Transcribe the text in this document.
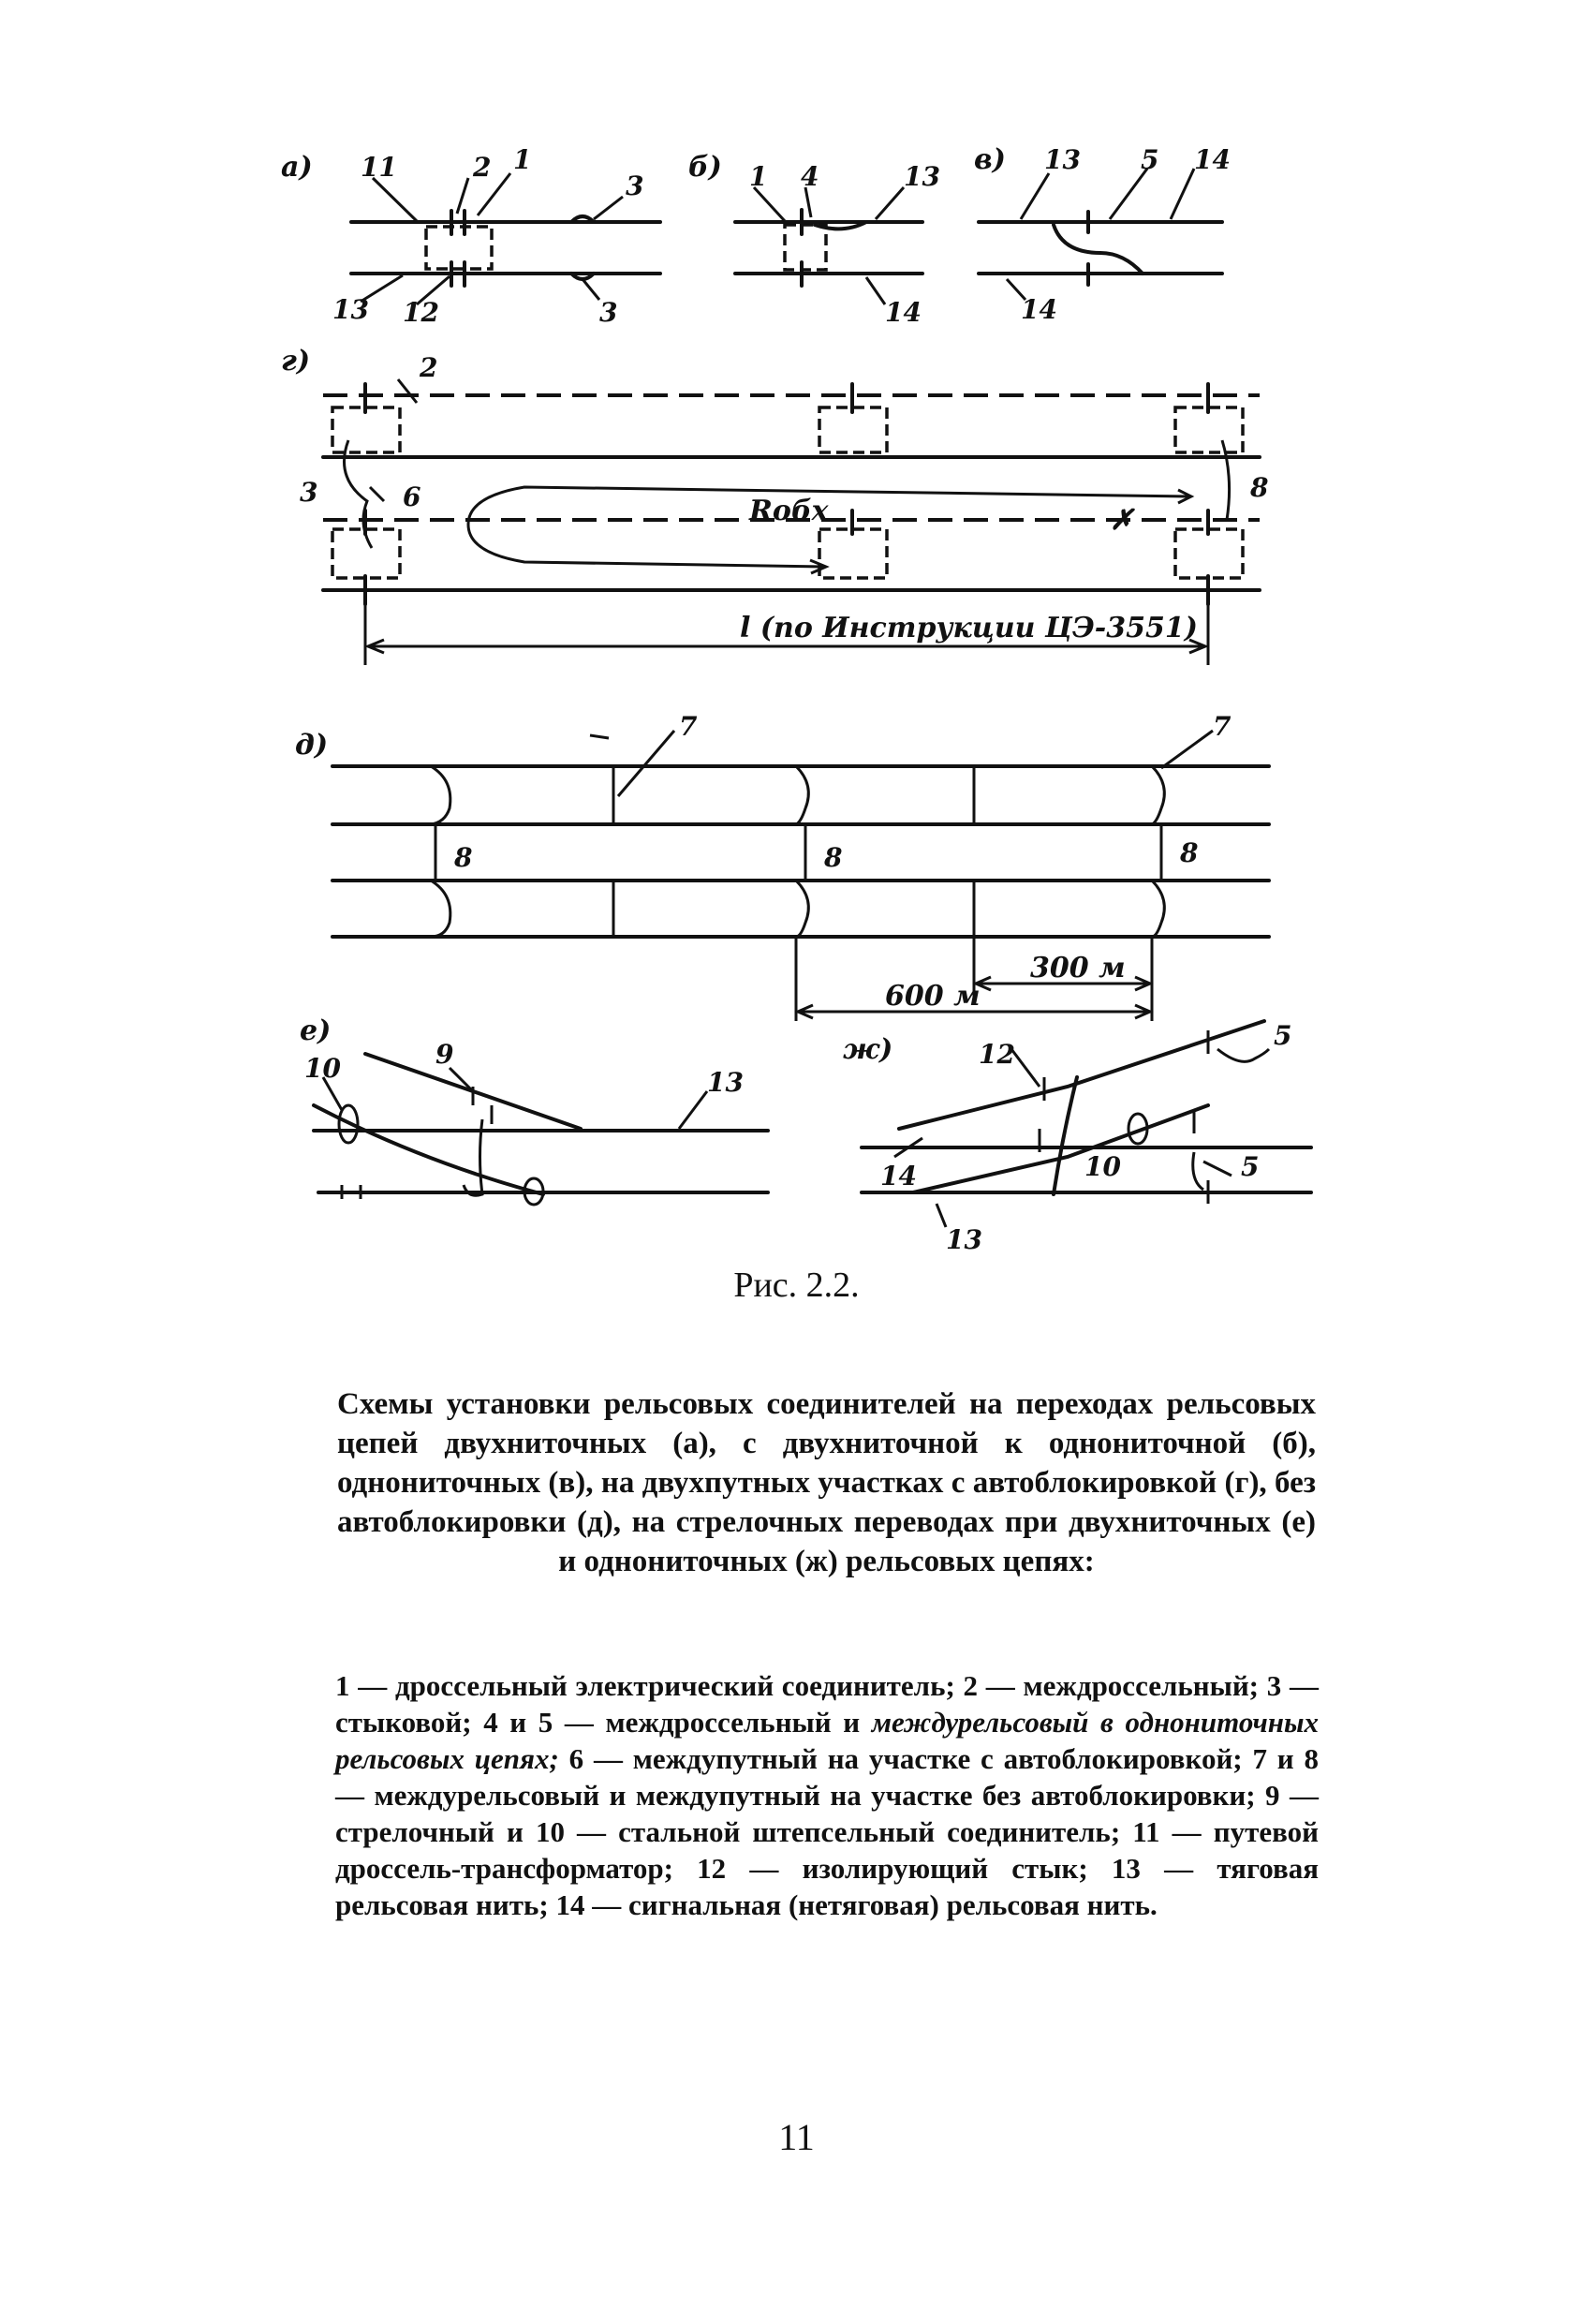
а) 11	2 1
3
13 12	3
б) 1 4	13
14
в) 13 5 14
14
г)
Rобх	✗
2
3	6	8
l (по Инструкции ЦЭ-3551)
д)
7	7
8	8	8
600 м
300 м
е)
10	9
13
ж)	12
5
14	10	5
13
Рис. 2.2.
Схемы установки рельсовых соединителей на переходах рельсовых цепей двухниточных (а), с двухниточной к однониточной (б), однониточных (в), на двухпутных участках с автоблокировкой (г), без автоблокировки (д), на стрелочных переводах при двухниточных (е) и однониточных (ж) рельсовых цепях:
1 — дроссельный электрический соединитель; 2 — междроссельный; 3 — стыковой; 4 и 5 — междроссельный и междурельсовый в однониточных рельсовых цепях; 6 — междупутный на участке с автоблокировкой; 7 и 8 — междурельсовый и междупутный на участке без автоблокировки; 9 — стрелочный и 10 — стальной штепсельный соединитель; 11 — путевой дроссель-трансформатор; 12 — изолирующий стык; 13 — тяговая рельсовая нить; 14 — сигнальная (нетяговая) рельсовая нить.
11
